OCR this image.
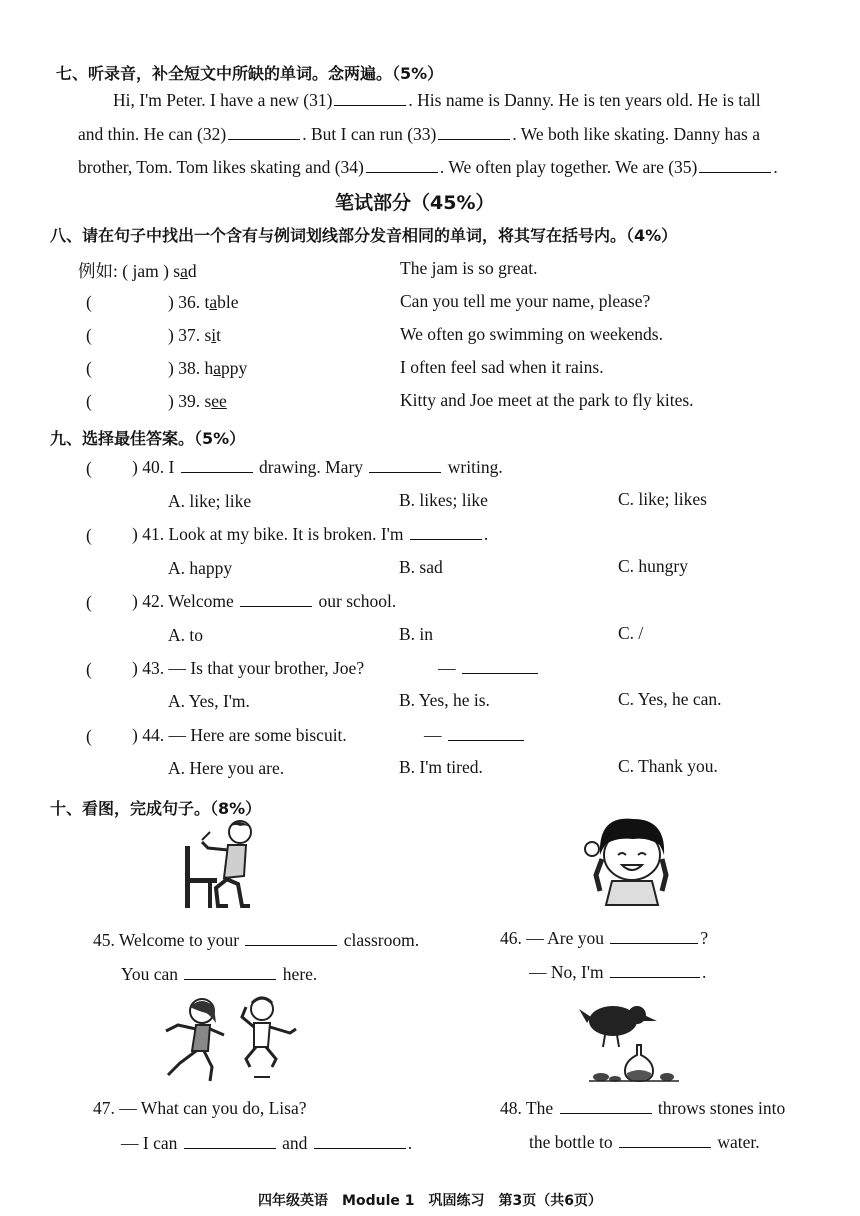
七、听录音，补全短文中所缺的单词。念两遍。（5%）
Hi, I'm Peter. I have a new (31)	. His name is Danny. He is ten years old. He is tall
and thin. He can (32)	. But I can run (33)	. We both like skating. Danny has a
brother, Tom. Tom likes skating and (34)	. We often play together. We are (35)	.
笔试部分（45%）
八、请在句子中找出一个含有与例词划线部分发音相同的单词，将其写在括号内。（4%）
例如: ( jam ) sad	The jam is so great.
(	) 36. table	Can you tell me your name, please?
(	) 37. sit	We often go swimming on weekends.
(	) 38. happy	I often feel sad when it rains.
(	) 39. see	Kitty and Joe meet at the park to fly kites.
九、选择最佳答案。（5%）
( ) 40. I	drawing. Mary	writing.
A. like; like	B. likes; like	C. like; likes
( ) 41. Look at my bike. It is broken. I'm	.
A. happy	B. sad	C. hungry
( ) 42. Welcome	our school.
A. to	B. in	C. /
( ) 43. — Is that your brother, Joe?	—
A. Yes, I'm.	B. Yes, he is.	C. Yes, he can.
( ) 44. — Here are some biscuit.	—
A. Here you are.	B. I'm tired.	C. Thank you.
十、看图，完成句子。（8%）
45. Welcome to your	classroom.
You can	here.
46. — Are you	?
— No, I'm	.
47. — What can you do, Lisa?
— I can	and	.
48. The	throws stones into
the bottle to	water.
四年级英语　Module 1　巩固练习　第3页（共6页）
